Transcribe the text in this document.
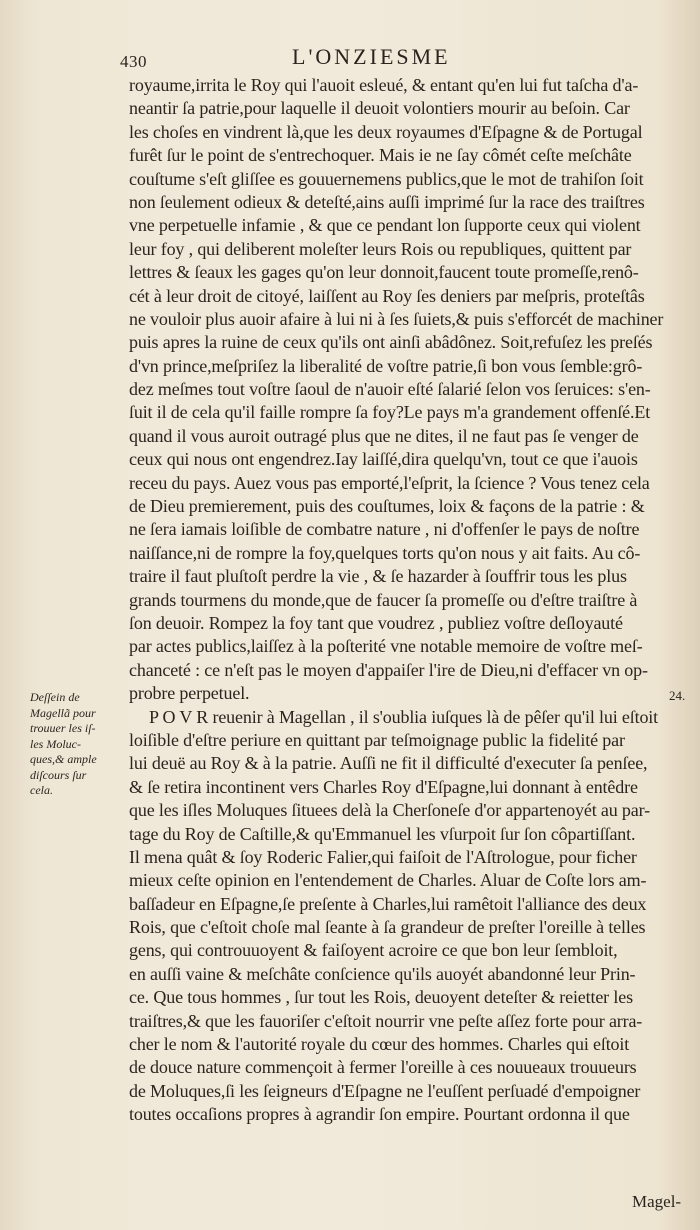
430	L'ONZIESME
royaume,irrita le Roy qui l'auoit esleué, & entant qu'en lui fut taſcha d'a-
neantir ſa patrie,pour laquelle il deuoit volontiers mourir au beſoin. Car
les choſes en vindrent là,que les deux royaumes d'Eſpagne & de Portugal
furêt ſur le point de s'entrechoquer. Mais ie ne ſay cômét ceſte meſchâte
couſtume s'eſt gliſſee es gouuernemens publics,que le mot de trahiſon ſoit
non ſeulement odieux & deteſté,ains auſſi imprimé ſur la race des traiſtres
vne perpetuelle infamie , & que ce pendant lon ſupporte ceux qui violent
leur foy , qui deliberent moleſter leurs Rois ou republiques, quittent par
lettres & ſeaux les gages qu'on leur donnoit,faucent toute promeſſe,renô-
cét à leur droit de citoyé, laiſſent au Roy ſes deniers par meſpris, proteſtâs
ne vouloir plus auoir afaire à lui ni à ſes ſuiets,& puis s'efforcét de machiner
puis apres la ruine de ceux qu'ils ont ainſi abâdônez. Soit,refuſez les preſés
d'vn prince,meſpriſez la liberalité de voſtre patrie,ſi bon vous ſemble:grô-
dez meſmes tout voſtre ſaoul de n'auoir eſté ſalarié ſelon vos ſeruices: s'en-
ſuit il de cela qu'il faille rompre ſa foy?Le pays m'a grandement offenſé.Et
quand il vous auroit outragé plus que ne dites, il ne faut pas ſe venger de
ceux qui nous ont engendrez.Iay laiſſé,dira quelqu'vn, tout ce que i'auois
receu du pays. Auez vous pas emporté,l'eſprit, la ſcience ? Vous tenez cela
de Dieu premierement, puis des couſtumes, loix & façons de la patrie : &
ne ſera iamais loiſible de combatre nature , ni d'offenſer le pays de noſtre
naiſſance,ni de rompre la foy,quelques torts qu'on nous y ait faits. Au cô-
traire il faut pluſtoſt perdre la vie , & ſe hazarder à ſouffrir tous les plus
grands tourmens du monde,que de faucer ſa promeſſe ou d'eſtre traiſtre à
ſon deuoir. Rompez la foy tant que voudrez , publiez voſtre deſloyauté
par actes publics,laiſſez à la poſterité vne notable memoire de voſtre meſ-
chanceté : ce n'eſt pas le moyen d'appaiſer l'ire de Dieu,ni d'effacer vn op-
probre perpetuel.
P O V R reuenir à Magellan , il s'oublia iuſques là de pêſer qu'il lui eſtoit
loiſible d'eſtre periure en quittant par teſmoignage public la fidelité par
lui deuë au Roy & à la patrie. Auſſi ne fit il difficulté d'executer ſa penſee,
& ſe retira incontinent vers Charles Roy d'Eſpagne,lui donnant à entêdre
que les iſles Moluques ſituees delà la Cherſoneſe d'or appartenoyét au par-
tage du Roy de Caſtille,& qu'Emmanuel les vſurpoit ſur ſon côpartiſſant.
Il mena quât & ſoy Roderic Falier,qui faiſoit de l'Aſtrologue, pour ficher
mieux ceſte opinion en l'entendement de Charles. Aluar de Coſte lors am-
baſſadeur en Eſpagne,ſe preſente à Charles,lui ramêtoit l'alliance des deux
Rois, que c'eſtoit choſe mal ſeante à ſa grandeur de preſter l'oreille à telles
gens, qui controuuoyent & faiſoyent acroire ce que bon leur ſembloit,
en auſſi vaine & meſchâte conſcience qu'ils auoyét abandonné leur Prin-
ce. Que tous hommes , ſur tout les Rois, deuoyent deteſter & reietter les
traiſtres,& que les fauoriſer c'eſtoit nourrir vne peſte aſſez forte pour arra-
cher le nom & l'autorité royale du cœur des hommes. Charles qui eſtoit
de douce nature commençoit à fermer l'oreille à ces nouueaux trouueurs
de Moluques,ſi les ſeigneurs d'Eſpagne ne l'euſſent perſuadé d'empoigner
toutes occaſions propres à agrandir ſon empire. Pourtant ordonna il que
Deſſein de
Magellã pour
trouuer les iſ-
les Moluc-
ques,& ample
diſcours ſur
cela.
24.
Magel-
